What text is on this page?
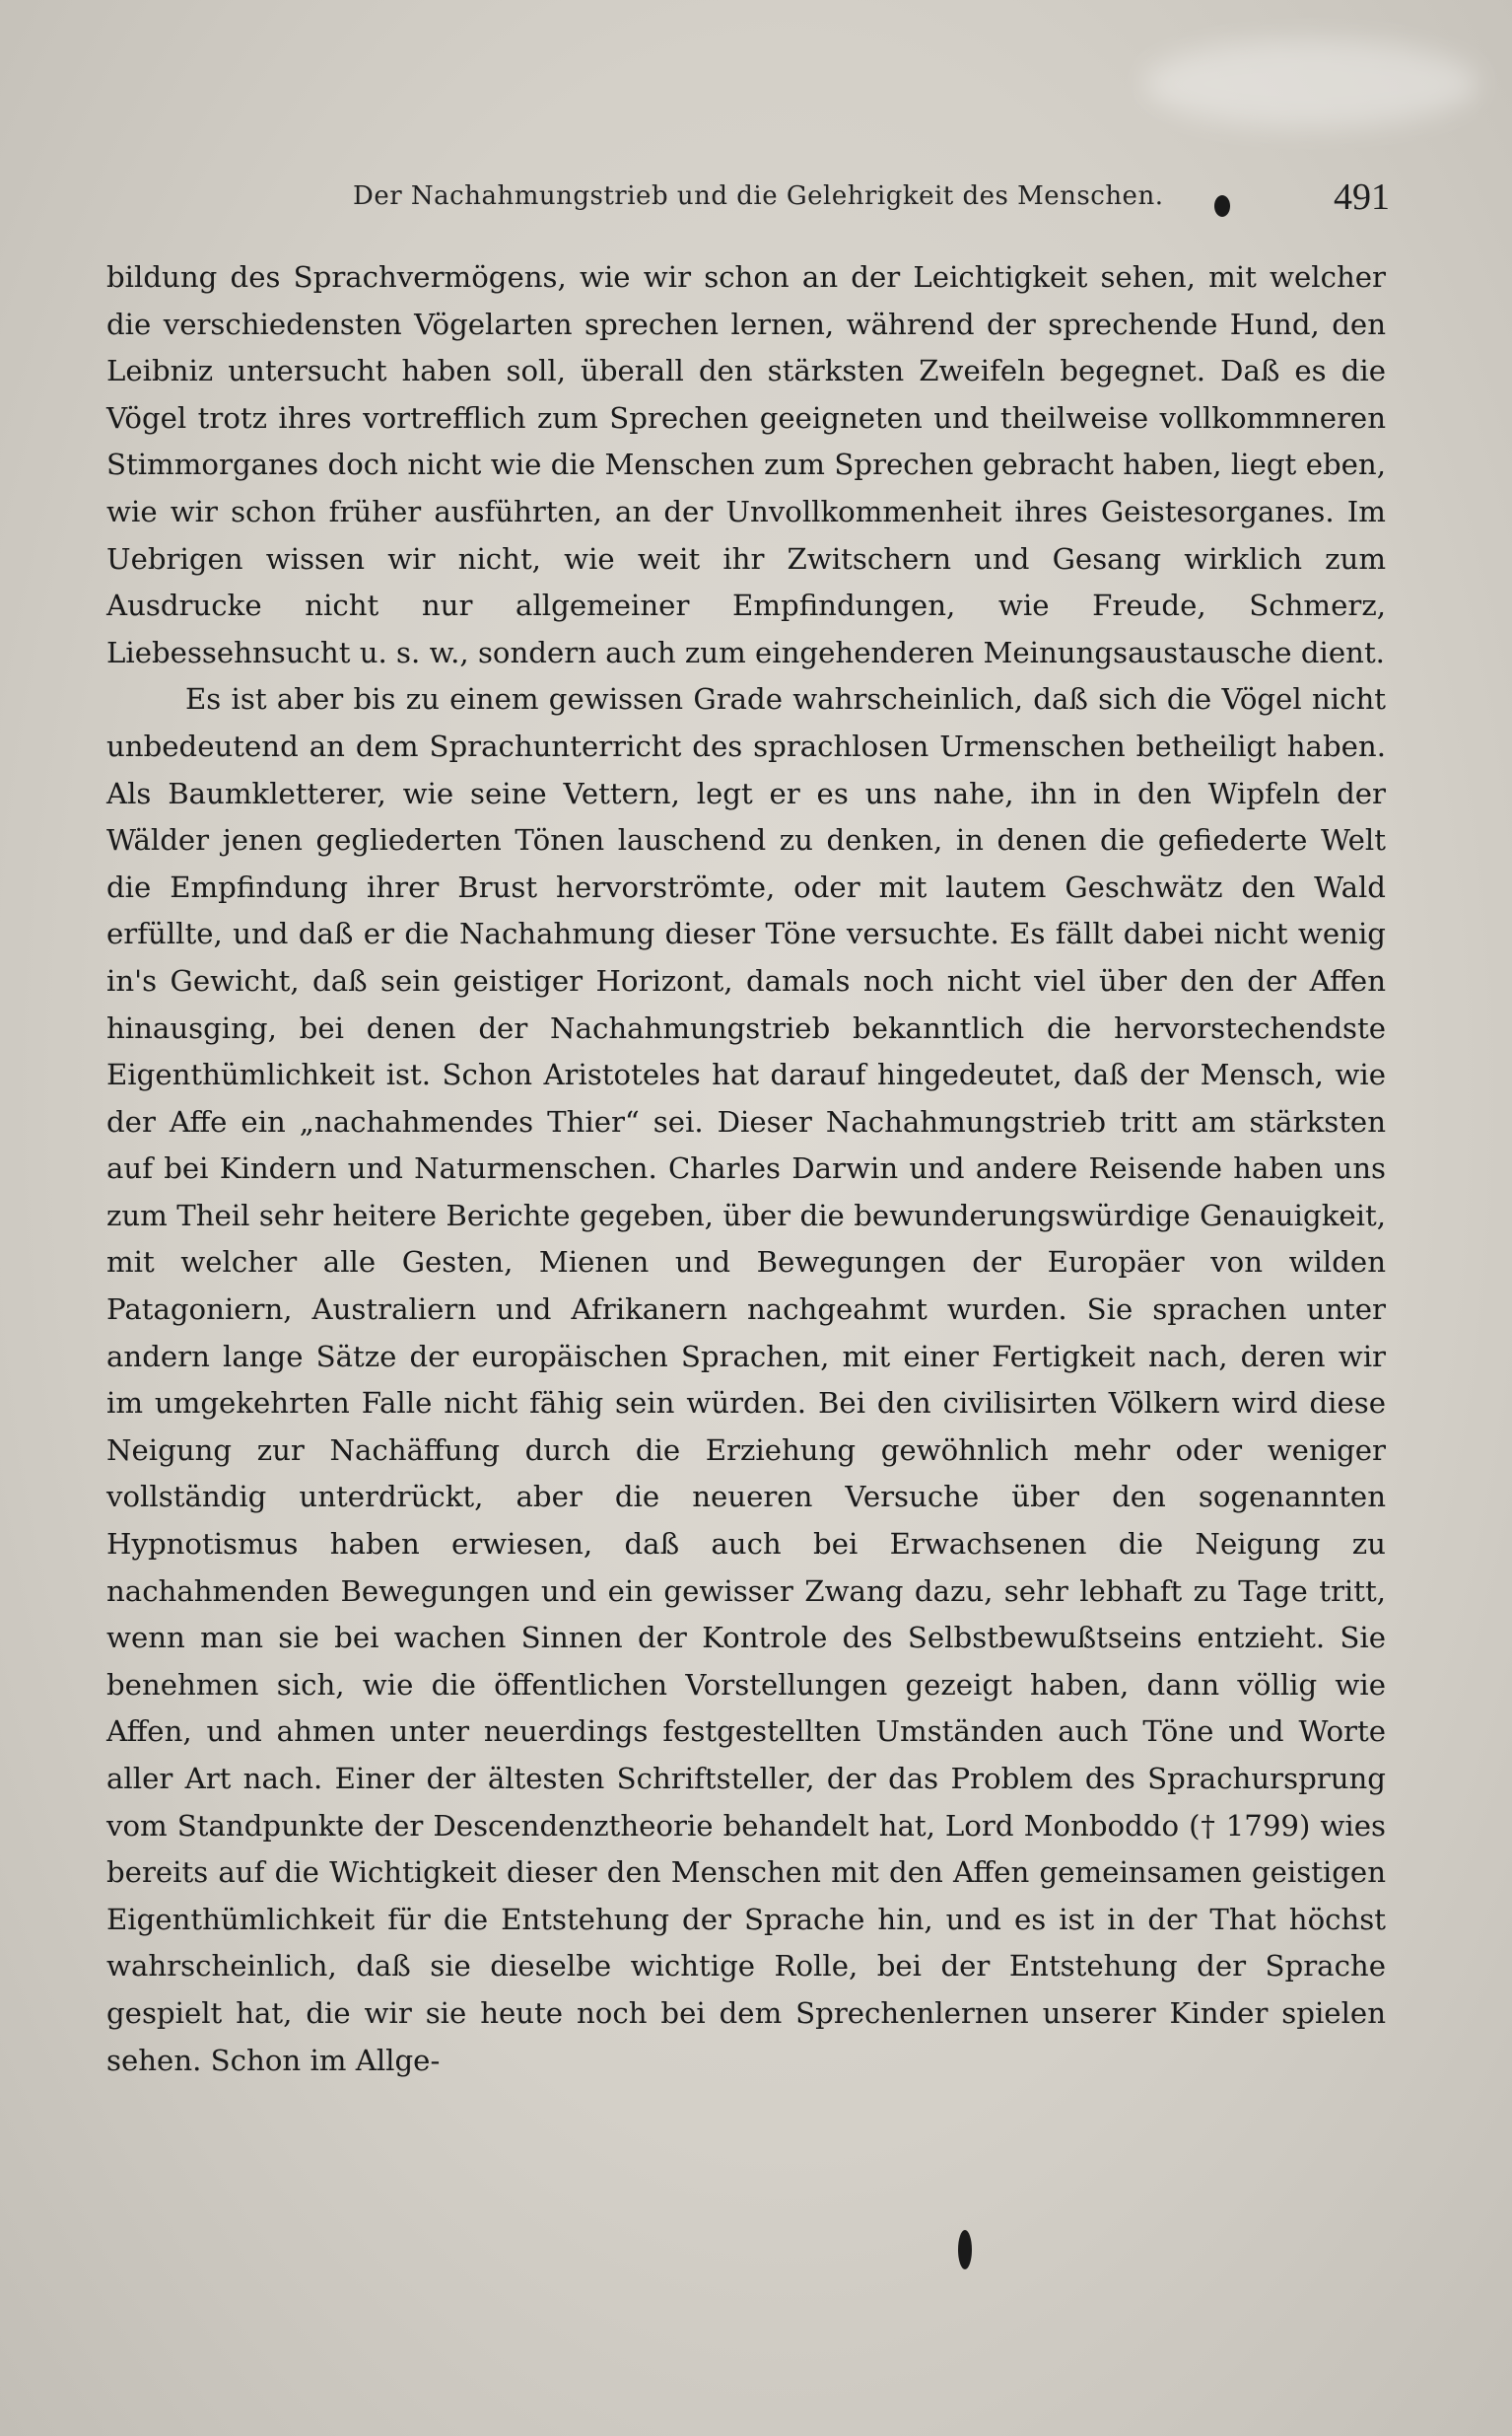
Der Nachahmungstrieb und die Gelehrigkeit des Menschen.	491

bildung des Sprachvermögens, wie wir schon an der Leichtigkeit sehen, mit welcher die verschiedensten Vögelarten sprechen lernen, während der sprechende Hund, den Leibniz untersucht haben soll, überall den stärksten Zweifeln begegnet. Daß es die Vögel trotz ihres vortrefflich zum Sprechen geeigneten und theilweise vollkommneren Stimmorganes doch nicht wie die Menschen zum Sprechen gebracht haben, liegt eben, wie wir schon früher ausführten, an der Unvollkommenheit ihres Geistesorganes. Im Uebrigen wissen wir nicht, wie weit ihr Zwitschern und Gesang wirklich zum Ausdrucke nicht nur allgemeiner Empfindungen, wie Freude, Schmerz, Liebessehnsucht u. s. w., sondern auch zum eingehenderen Meinungsaustausche dient.

Es ist aber bis zu einem gewissen Grade wahrscheinlich, daß sich die Vögel nicht unbedeutend an dem Sprachunterricht des sprachlosen Urmenschen betheiligt haben. Als Baumkletterer, wie seine Vettern, legt er es uns nahe, ihn in den Wipfeln der Wälder jenen gegliederten Tönen lauschend zu denken, in denen die gefiederte Welt die Empfindung ihrer Brust hervorströmte, oder mit lautem Geschwätz den Wald erfüllte, und daß er die Nachahmung dieser Töne versuchte. Es fällt dabei nicht wenig in's Gewicht, daß sein geistiger Horizont, damals noch nicht viel über den der Affen hinausging, bei denen der Nachahmungstrieb bekanntlich die hervorstechendste Eigenthümlichkeit ist. Schon Aristoteles hat darauf hingedeutet, daß der Mensch, wie der Affe ein „nachahmendes Thier“ sei. Dieser Nachahmungstrieb tritt am stärksten auf bei Kindern und Naturmenschen. Charles Darwin und andere Reisende haben uns zum Theil sehr heitere Berichte gegeben, über die bewunderungswürdige Genauigkeit, mit welcher alle Gesten, Mienen und Bewegungen der Europäer von wilden Patagoniern, Australiern und Afrikanern nachgeahmt wurden. Sie sprachen unter andern lange Sätze der europäischen Sprachen, mit einer Fertigkeit nach, deren wir im umgekehrten Falle nicht fähig sein würden. Bei den civilisirten Völkern wird diese Neigung zur Nachäffung durch die Erziehung gewöhnlich mehr oder weniger vollständig unterdrückt, aber die neueren Versuche über den sogenannten Hypnotismus haben erwiesen, daß auch bei Erwachsenen die Neigung zu nachahmenden Bewegungen und ein gewisser Zwang dazu, sehr lebhaft zu Tage tritt, wenn man sie bei wachen Sinnen der Kontrole des Selbstbewußtseins entzieht. Sie benehmen sich, wie die öffentlichen Vorstellungen gezeigt haben, dann völlig wie Affen, und ahmen unter neuerdings festgestellten Umständen auch Töne und Worte aller Art nach. Einer der ältesten Schriftsteller, der das Problem des Sprachursprung vom Standpunkte der Descendenztheorie behandelt hat, Lord Monboddo († 1799) wies bereits auf die Wichtigkeit dieser den Menschen mit den Affen gemeinsamen geistigen Eigenthümlichkeit für die Entstehung der Sprache hin, und es ist in der That höchst wahrscheinlich, daß sie dieselbe wichtige Rolle, bei der Entstehung der Sprache gespielt hat, die wir sie heute noch bei dem Sprechenlernen unserer Kinder spielen sehen. Schon im Allge-
